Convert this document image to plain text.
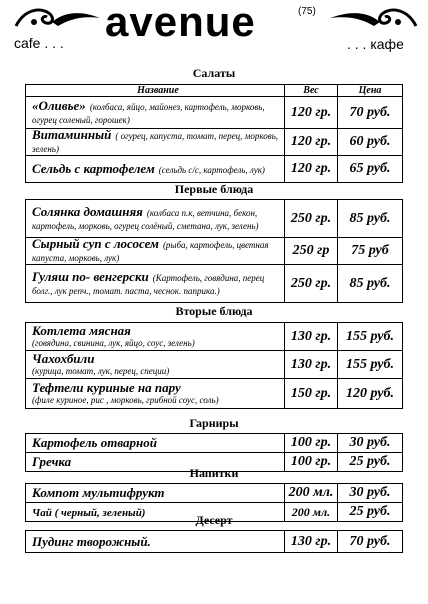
avenue	(75)
cafe . . .	. . . кафе
Салаты
Название	Вес	Цена
«Оливье» (колбаса, яйцо, майонез, картофель, морковь, огурец соленый, горошек)	120 гр.	70 руб.
Витаминный ( огурец, капуста, томат, перец, морковь, зелень)	120 гр.	60 руб.
Сельдь с картофелем (сельдь с/с, картофель, лук)	120 гр.	65 руб.
Первые блюда
Солянка домашняя (колбаса п.к, ветчина, бекон, картофель, морковь, огурец солёный, сметана, лук, зелень)	250 гр.	85 руб.
Сырный суп с лососем (рыба, картофель, цветная капуста, морковь, лук)	250 гр	75 руб
Гуляш по- венгерски (Картофель, говядина, перец болг., лук репч., томат. паста, чеснок. паприка.)	250 гр.	85 руб.
Вторые блюда
Котлета мясная
(говядина, свинина, лук, яйцо, соус, зелень)	130 гр.	155 руб.
Чахохбили
(курица, томат, лук, перец, специи)	130 гр.	155 руб.
Тефтели куриные на пару
(филе куриное, рис , морковь, грибной соус, соль)	150 гр.	120 руб.
Гарниры
Картофель отварной	100 гр.	30 руб.
Гречка	100 гр.	25 руб.
Напитки
Компот мультифрукт	200 мл.	30 руб.
Чай ( черный, зеленый)	200 мл.	25 руб.
Десерт
Пудинг творожный.	130 гр.	70 руб.
